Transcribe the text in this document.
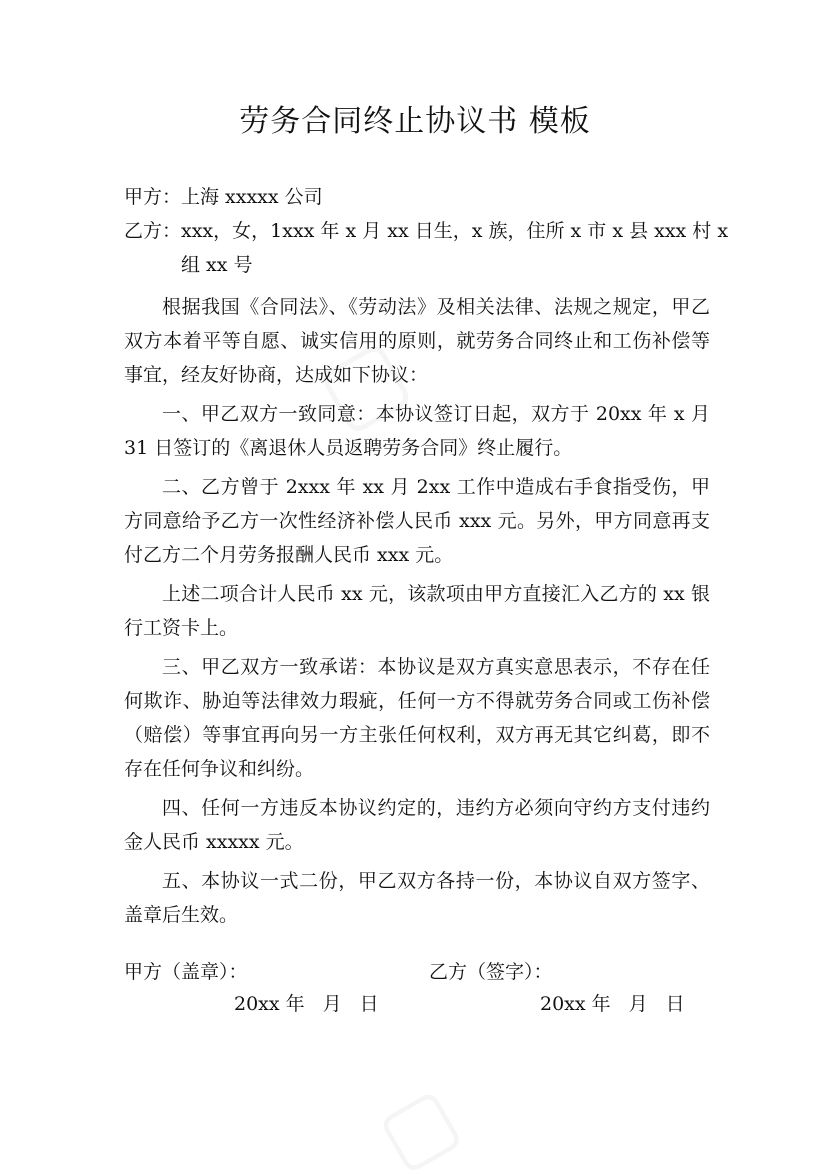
劳务合同终止协议书 模板

甲方：上海 xxxxx 公司

乙方：xxx，女，1xxx 年 x 月 xx 日生，x 族，住所 x 市 x 县 xxx 村 x

组 xx 号

根据我国《合同法》、《劳动法》及相关法律、法规之规定，甲乙双方本着平等自愿、诚实信用的原则，就劳务合同终止和工伤补偿等事宜，经友好协商，达成如下协议：

一、甲乙双方一致同意：本协议签订日起，双方于 20xx 年 x 月 31 日签订的《离退休人员返聘劳务合同》终止履行。

二、乙方曾于 2xxx 年 xx 月 2xx 工作中造成右手食指受伤，甲方同意给予乙方一次性经济补偿人民币 xxx 元。另外，甲方同意再支付乙方二个月劳务报酬人民币 xxx 元。

上述二项合计人民币 xx 元，该款项由甲方直接汇入乙方的 xx 银行工资卡上。

三、甲乙双方一致承诺：本协议是双方真实意思表示，不存在任何欺诈、胁迫等法律效力瑕疵，任何一方不得就劳务合同或工伤补偿（赔偿）等事宜再向另一方主张任何权利，双方再无其它纠葛，即不存在任何争议和纠纷。

四、任何一方违反本协议约定的，违约方必须向守约方支付违约金人民币 xxxxx 元。

五、本协议一式二份，甲乙双方各持一份，本协议自双方签字、盖章后生效。

甲方（盖章）：	乙方（签字）：
20xx 年 月 日	20xx 年 月 日
